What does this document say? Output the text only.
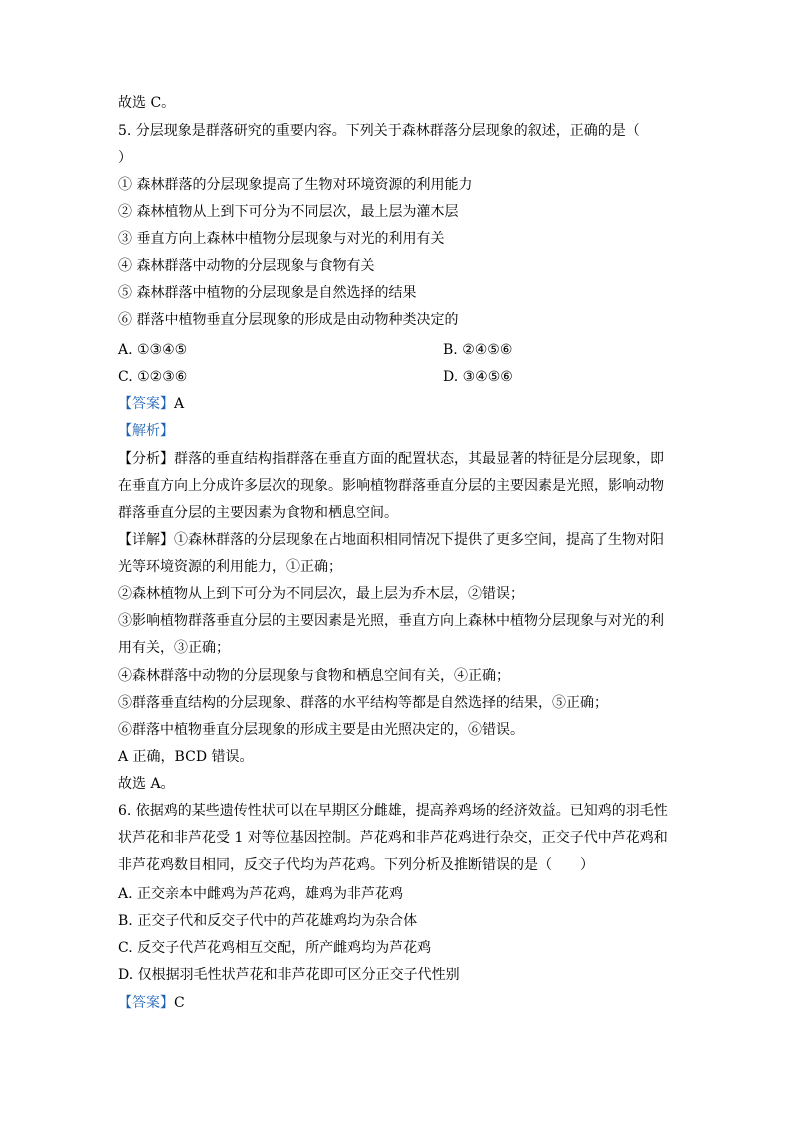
故选 C。
5. 分层现象是群落研究的重要内容。下列关于森林群落分层现象的叙述，正确的是（
）
① 森林群落的分层现象提高了生物对环境资源的利用能力
② 森林植物从上到下可分为不同层次，最上层为灌木层
③ 垂直方向上森林中植物分层现象与对光的利用有关
④ 森林群落中动物的分层现象与食物有关
⑤ 森林群落中植物的分层现象是自然选择的结果
⑥ 群落中植物垂直分层现象的形成是由动物种类决定的
A. ①③④⑤	B. ②④⑤⑥
C. ①②③⑥	D. ③④⑤⑥
【答案】A
【解析】
【分析】群落的垂直结构指群落在垂直方面的配置状态，其最显著的特征是分层现象，即
在垂直方向上分成许多层次的现象。影响植物群落垂直分层的主要因素是光照，影响动物
群落垂直分层的主要因素为食物和栖息空间。
【详解】①森林群落的分层现象在占地面积相同情况下提供了更多空间，提高了生物对阳
光等环境资源的利用能力，①正确；
②森林植物从上到下可分为不同层次，最上层为乔木层，②错误；
③影响植物群落垂直分层的主要因素是光照，垂直方向上森林中植物分层现象与对光的利
用有关，③正确；
④森林群落中动物的分层现象与食物和栖息空间有关，④正确；
⑤群落垂直结构的分层现象、群落的水平结构等都是自然选择的结果，⑤正确；
⑥群落中植物垂直分层现象的形成主要是由光照决定的，⑥错误。
A 正确，BCD 错误。
故选 A。
6. 依据鸡的某些遗传性状可以在早期区分雌雄，提高养鸡场的经济效益。已知鸡的羽毛性
状芦花和非芦花受 1 对等位基因控制。芦花鸡和非芦花鸡进行杂交，正交子代中芦花鸡和
非芦花鸡数目相同，反交子代均为芦花鸡。下列分析及推断错误的是（　　）
A. 正交亲本中雌鸡为芦花鸡，雄鸡为非芦花鸡
B. 正交子代和反交子代中的芦花雄鸡均为杂合体
C. 反交子代芦花鸡相互交配，所产雌鸡均为芦花鸡
D. 仅根据羽毛性状芦花和非芦花即可区分正交子代性别
【答案】C
